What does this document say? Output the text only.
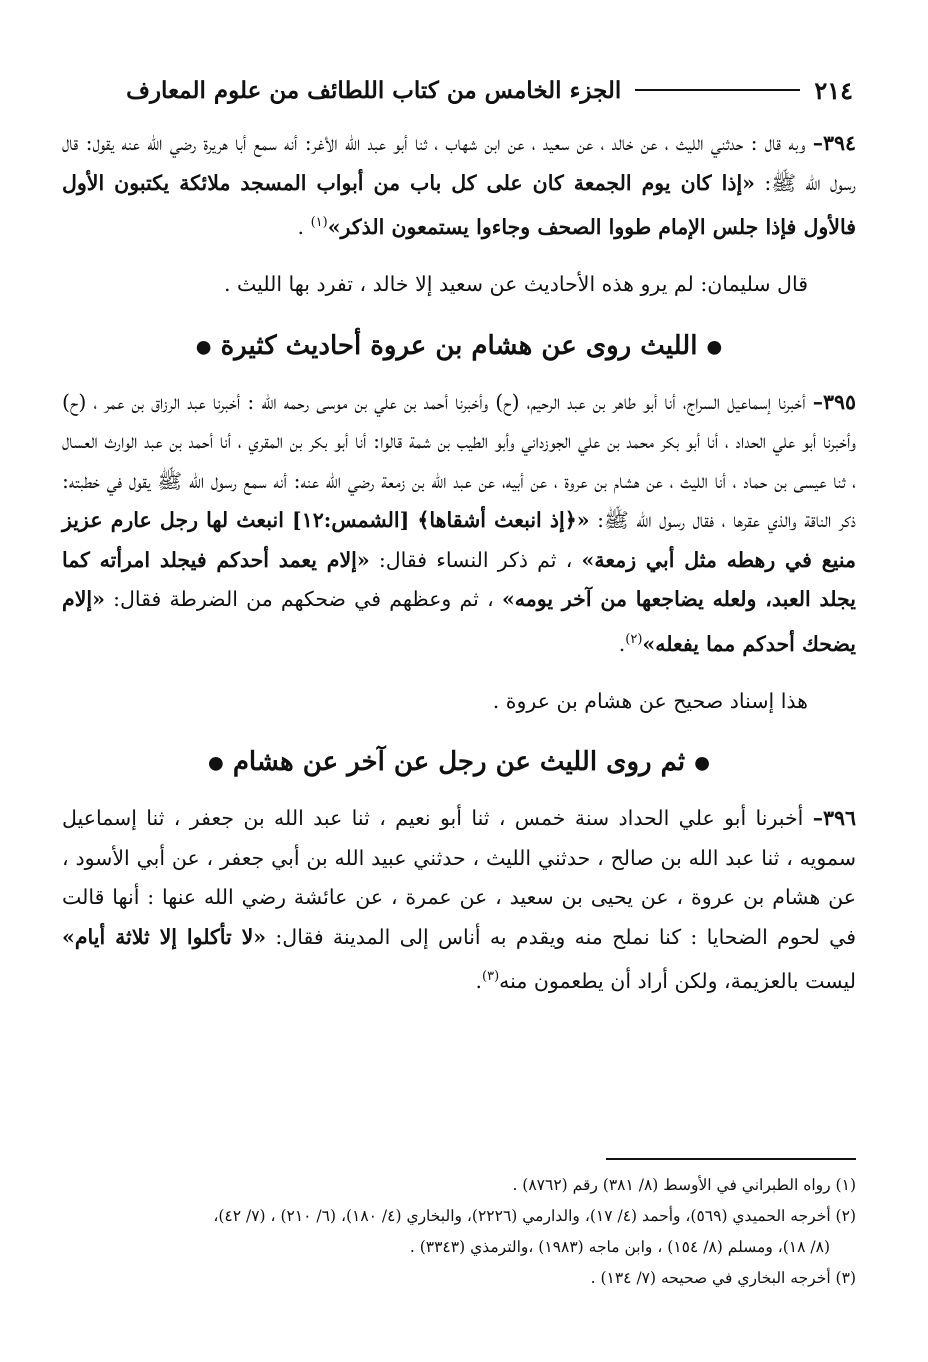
٢١٤
الجزء الخامس من كتاب اللطائف من علوم المعارف

٣٩٤– وبه قال : حدثني الليث ، عن خالد ، عن سعيد ، عن ابن شهاب ، ثنا أبو عبد الله الأغر: أنه سمع أبا هريرة رضي الله عنه يقول: قال رسول الله ﷺ: «إذا كان يوم الجمعة كان على كل باب من أبواب المسجد ملائكة يكتبون الأول فالأول فإذا جلس الإمام طووا الصحف وجاءوا يستمعون الذكر»$^{(١)}$ .

قال سليمان: لم يرو هذه الأحاديث عن سعيد إلا خالد ، تفرد بها الليث .

● الليث روى عن هشام بن عروة أحاديث كثيرة ●

٣٩٥– أخبرنا إسماعيل السراج، أنا أبو طاهر بن عبد الرحيم، (ح) وأخبرنا أحمد بن علي بن موسى رحمه الله : أخبرنا عبد الرزاق بن عمر ، (ح) وأخبرنا أبو علي الحداد ، أنا أبو بكر محمد بن علي الجوزداني وأبو الطيب بن شمة قالوا: أنا أبو بكر بن المقري ، أنا أحمد بن عبد الوارث العسال ، ثنا عيسى بن حماد ، أنا الليث ، عن هشام بن عروة ، عن أبيه، عن عبد الله بن زمعة رضي الله عنه: أنه سمع رسول الله ﷺ يقول في خطبته: ذكر الناقة والذي عقرها ، فقال رسول الله ﷺ: «﴿إذ انبعث أشقاها﴾ [الشمس:١٢] انبعث لها رجل عارم عزيز منيع في رهطه مثل أبي زمعة» ، ثم ذكر النساء فقال: «إلام يعمد أحدكم فيجلد امرأته كما يجلد العبد، ولعله يضاجعها من آخر يومه» ، ثم وعظهم في ضحكهم من الضرطة فقال: «إلام يضحك أحدكم مما يفعله»$^{(٢)}$.

هذا إسناد صحيح عن هشام بن عروة .

● ثم روى الليث عن رجل عن آخر عن هشام ●

٣٩٦– أخبرنا أبو علي الحداد سنة خمس ، ثنا أبو نعيم ، ثنا عبد الله بن جعفر ، ثنا إسماعيل سمويه ، ثنا عبد الله بن صالح ، حدثني الليث ، حدثني عبيد الله بن أبي جعفر ، عن أبي الأسود ، عن هشام بن عروة ، عن يحيى بن سعيد ، عن عمرة ، عن عائشة رضي الله عنها : أنها قالت في لحوم الضحايا : كنا نملح منه ويقدم به أناس إلى المدينة فقال: «لا تأكلوا إلا ثلاثة أيام» ليست بالعزيمة، ولكن أراد أن يطعمون منه$^{(٣)}$.

(١) رواه الطبراني في الأوسط (٨/ ٣٨١) رقم (٨٧٦٢) .

(٢) أخرجه الحميدي (٥٦٩)، وأحمد (٤/ ١٧)، والدارمي (٢٢٢٦)، والبخاري (٤/ ١٨٠)، (٦/ ٢١٠) ، (٧/ ٤٢)،

(٨/ ١٨)، ومسلم (٨/ ١٥٤) ، وابن ماجه (١٩٨٣) ،والترمذي (٣٣٤٣) .

(٣) أخرجه البخاري في صحيحه (٧/ ١٣٤) .
